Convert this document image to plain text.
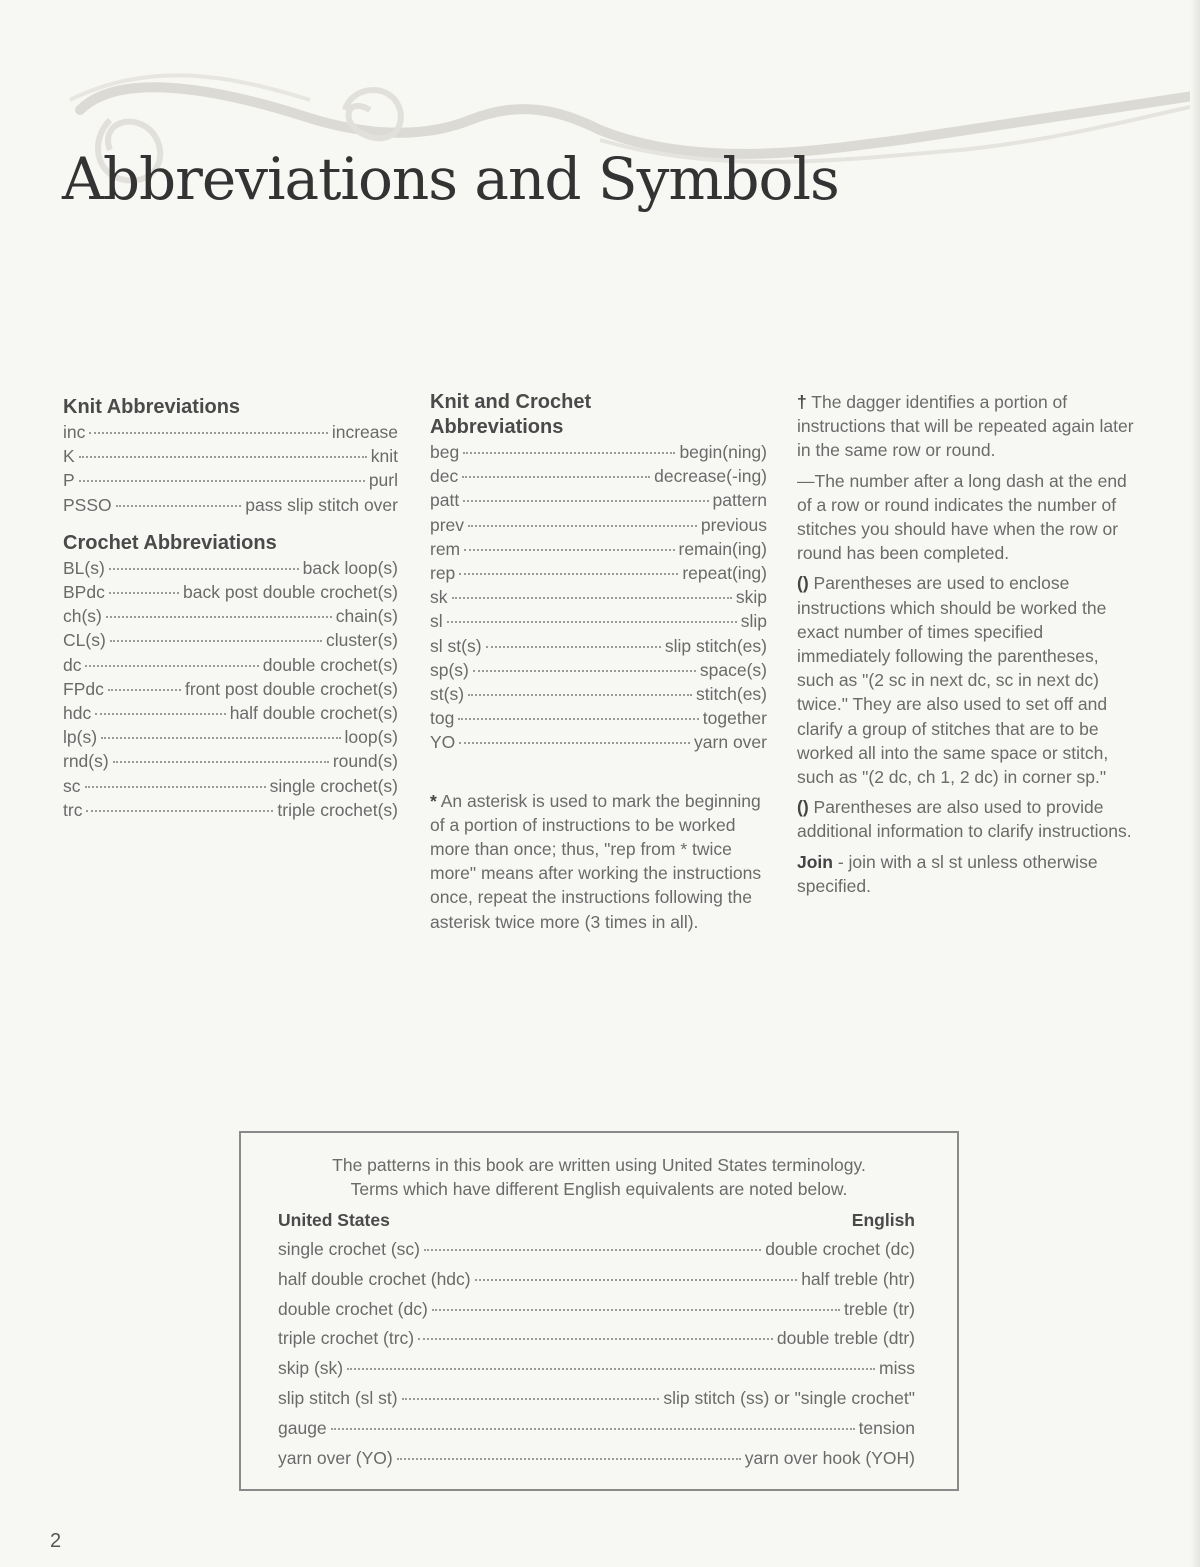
Abbreviations and Symbols
Knit Abbreviations
inc	increase
K	knit
P	purl
PSSO	pass slip stitch over
Crochet Abbreviations
BL(s)	back loop(s)
BPdc	back post double crochet(s)
ch(s)	chain(s)
CL(s)	cluster(s)
dc	double crochet(s)
FPdc	front post double crochet(s)
hdc	half double crochet(s)
lp(s)	loop(s)
rnd(s)	round(s)
sc	single crochet(s)
trc	triple crochet(s)
Knit and Crochet
Abbreviations
beg	begin(ning)
dec	decrease(-ing)
patt	pattern
prev	previous
rem	remain(ing)
rep	repeat(ing)
sk	skip
sl	slip
sl st(s)	slip stitch(es)
sp(s)	space(s)
st(s)	stitch(es)
tog	together
YO	yarn over

* An asterisk is used to mark the beginning of a portion of instructions to be worked more than once; thus, "rep from * twice more" means after working the instructions once, repeat the instructions following the asterisk twice more (3 times in all).

† The dagger identifies a portion of instructions that will be repeated again later in the same row or round.

—The number after a long dash at the end of a row or round indicates the number of stitches you should have when the row or round has been completed.

() Parentheses are used to enclose instructions which should be worked the exact number of times specified immediately following the parentheses, such as "(2 sc in next dc, sc in next dc) twice." They are also used to set off and clarify a group of stitches that are to be worked all into the same space or stitch, such as "(2 dc, ch 1, 2 dc) in corner sp."

() Parentheses are also used to provide additional information to clarify instructions.

Join - join with a sl st unless otherwise specified.

The patterns in this book are written using United States terminology.
Terms which have different English equivalents are noted below.

United States	English
single crochet (sc)	double crochet (dc)
half double crochet (hdc)	half treble (htr)
double crochet (dc)	treble (tr)
triple crochet (trc)	double treble (dtr)
skip (sk)	miss
slip stitch (sl st)	slip stitch (ss) or "single crochet"
gauge	tension
yarn over (YO)	yarn over hook (YOH)
2
